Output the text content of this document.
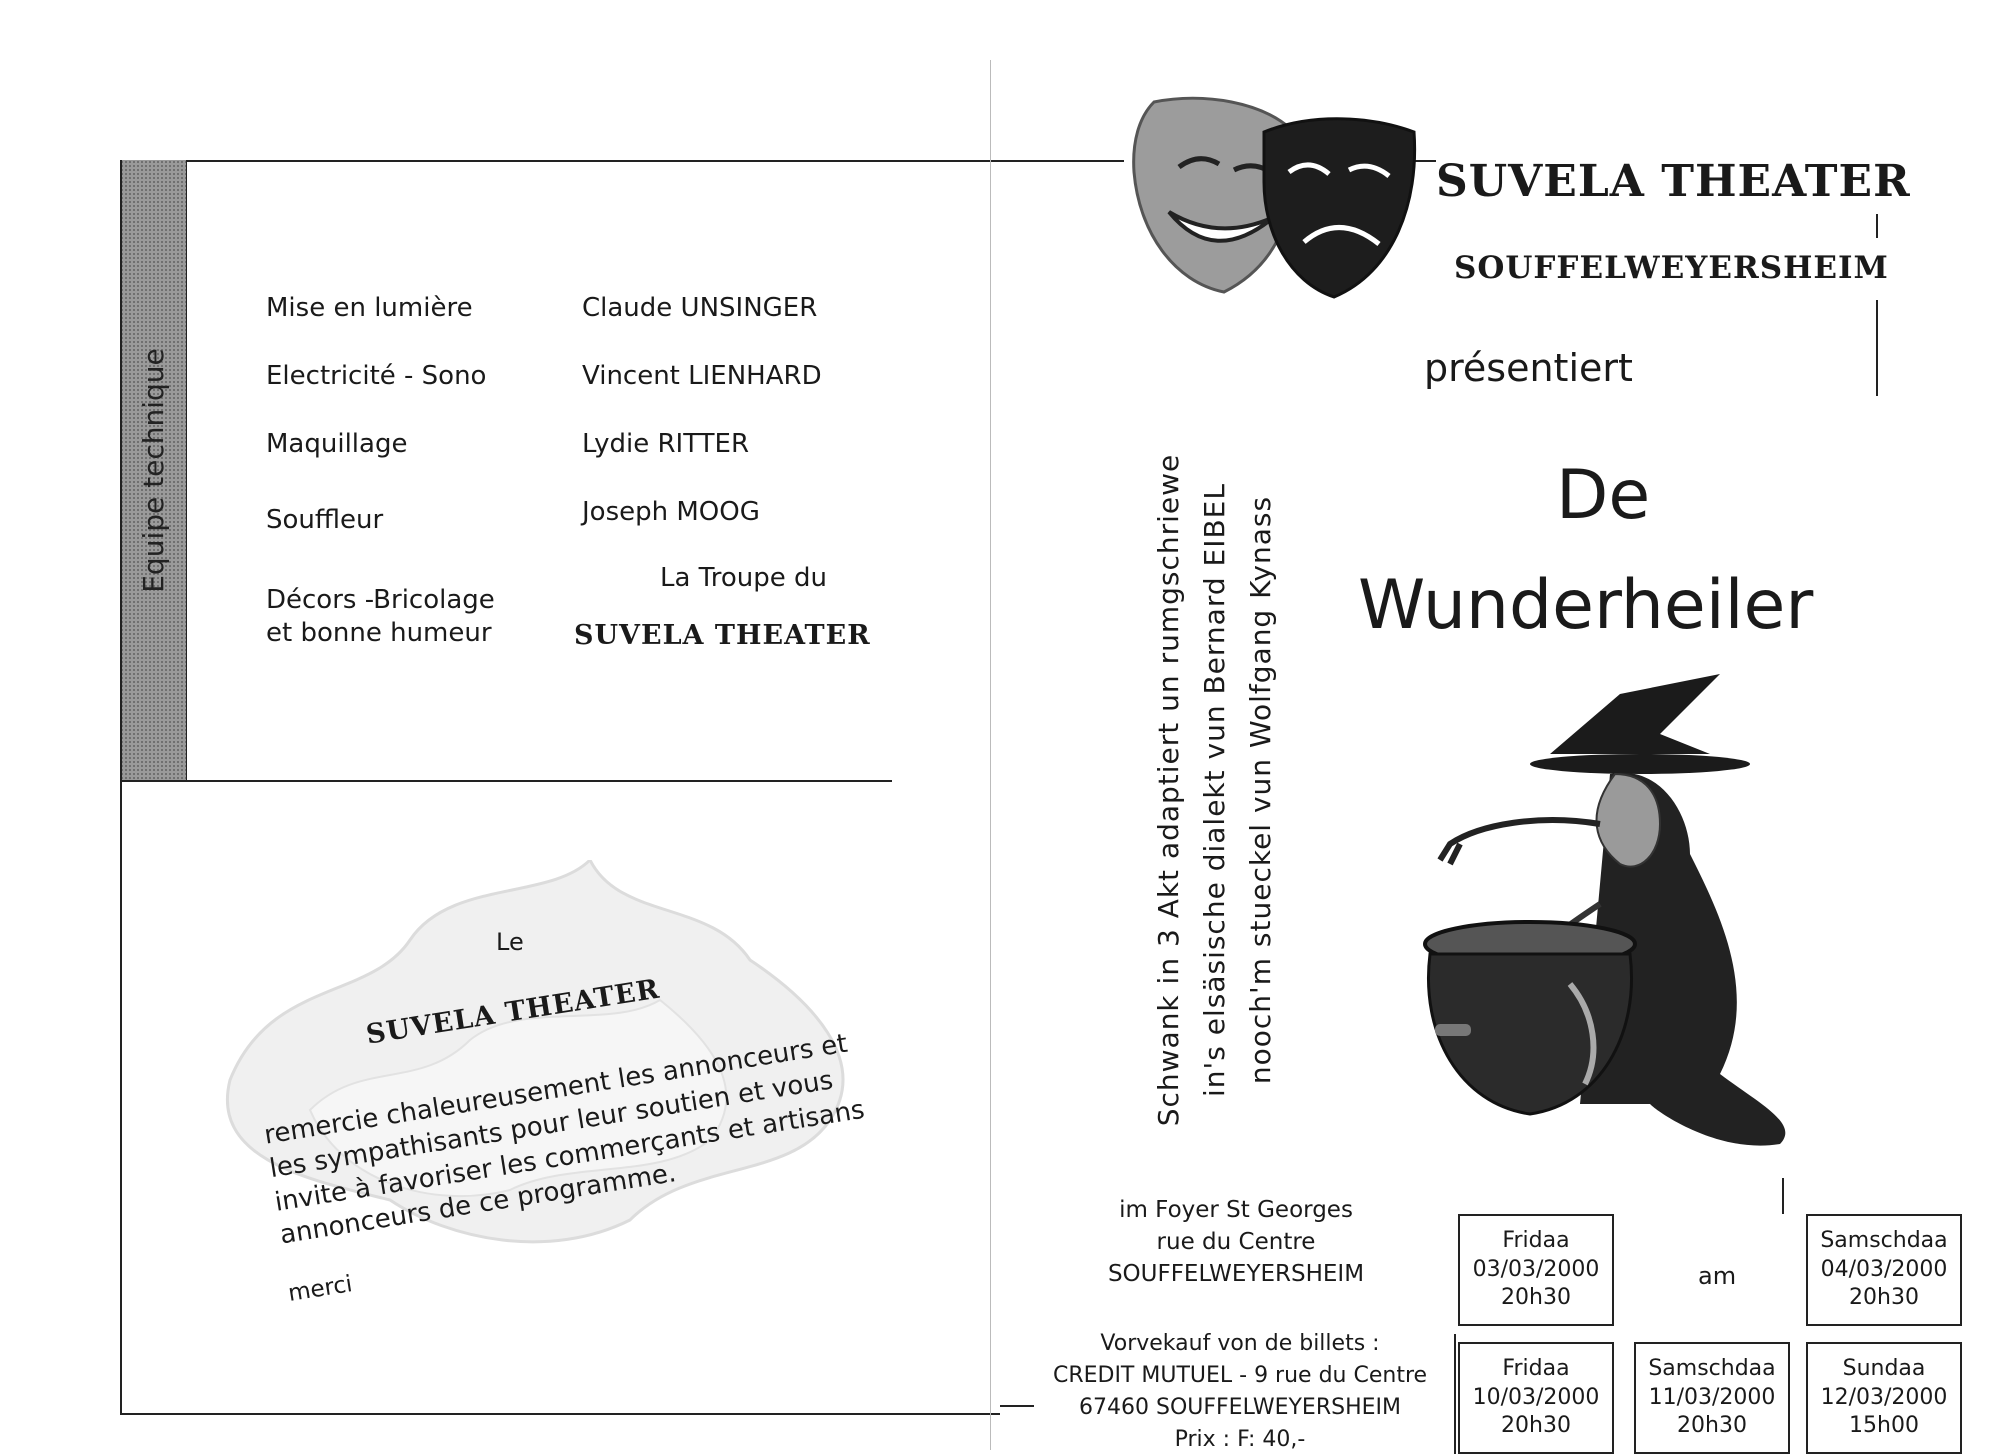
Equipe technique
Mise en lumière	Claude UNSINGER
Electricité - Sono	Vincent LIENHARD
Maquillage	Lydie RITTER
Souffleur	Joseph MOOG
Décors -Bricolage
et bonne humeur
La Troupe du
SUVELA THEATER
Le
SUVELA THEATER
remercie chaleureusement les annonceurs et les sympathisants pour leur soutien et vous invite à favoriser les commerçants et artisans annonceurs de ce programme.
merci
SUVELA THEATER
SOUFFELWEYERSHEIM
présentiert
De
Wunderheiler
Schwank in 3 Akt adaptiert un rumgschriewe in's elsäsische dialekt vun Bernard EIBEL nooch'm stueckel vun Wolfgang Kynass
im Foyer St Georges
rue du Centre
SOUFFELWEYERSHEIM
Vorvekauf von de billets :
CREDIT MUTUEL - 9 rue du Centre
67460 SOUFFELWEYERSHEIM
Prix : F: 40,-
am
Fridaa
03/03/2000
20h30
Samschdaa
04/03/2000
20h30
Fridaa
10/03/2000
20h30
Samschdaa
11/03/2000
20h30
Sundaa
12/03/2000
15h00
